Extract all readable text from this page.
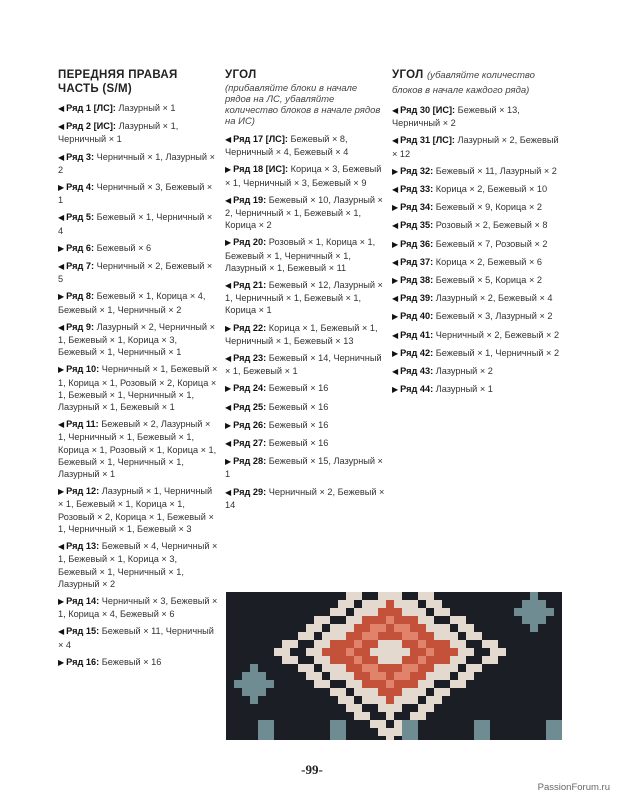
ПЕРЕДНЯЯ ПРАВАЯ ЧАСТЬ (S/M)
◀ Ряд 1 [ЛС]: Лазурный × 1
◀ Ряд 2 [ИС]: Лазурный × 1, Черничный × 1
◀ Ряд 3: Черничный × 1, Лазурный × 2
▶ Ряд 4: Черничный × 3, Бежевый × 1
◀ Ряд 5: Бежевый × 1, Черничный × 4
▶ Ряд 6: Бежевый × 6
◀ Ряд 7: Черничный × 2, Бежевый × 5
▶ Ряд 8: Бежевый × 1, Корица × 4, Бежевый × 1, Черничный × 2
◀ Ряд 9: Лазурный × 2, Черничный × 1, Бежевый × 1, Корица × 3, Бежевый × 1, Черничный × 1
▶ Ряд 10: Черничный × 1, Бежевый × 1, Корица × 1, Розовый × 2, Корица × 1, Бежевый × 1, Черничный × 1, Лазурный × 1, Бежевый × 1
◀ Ряд 11: Бежевый × 2, Лазурный × 1, Черничный × 1, Бежевый × 1, Корица × 1, Розовый × 1, Корица × 1, Бежевый × 1, Черничный × 1, Лазурный × 1
▶ Ряд 12: Лазурный × 1, Черничный × 1, Бежевый × 1, Корица × 1, Розовый × 2, Корица × 1, Бежевый × 1, Черничный × 1, Бежевый × 3
◀ Ряд 13: Бежевый × 4, Черничный × 1, Бежевый × 1, Корица × 3, Бежевый × 1, Черничный × 1, Лазурный × 2
▶ Ряд 14: Черничный × 3, Бежевый × 1, Корица × 4, Бежевый × 6
◀ Ряд 15: Бежевый × 11, Черничный × 4
▶ Ряд 16: Бежевый × 16
УГОЛ
(прибавляйте блоки в начале рядов на ЛС, убавляйте количество блоков в начале рядов на ИС)
◀ Ряд 17 [ЛС]: Бежевый × 8, Черничный × 4, Бежевый × 4
▶ Ряд 18 [ИС]: Корица × 3, Бежевый × 1, Черничный × 3, Бежевый × 9
◀ Ряд 19: Бежевый × 10, Лазурный × 2, Черничный × 1, Бежевый × 1, Корица × 2
▶ Ряд 20: Розовый × 1, Корица × 1, Бежевый × 1, Черничный × 1, Лазурный × 1, Бежевый × 11
◀ Ряд 21: Бежевый × 12, Лазурный × 1, Черничный × 1, Бежевый × 1, Корица × 1
▶ Ряд 22: Корица × 1, Бежевый × 1, Черничный × 1, Бежевый × 13
◀ Ряд 23: Бежевый × 14, Черничный × 1, Бежевый × 1
▶ Ряд 24: Бежевый × 16
◀ Ряд 25: Бежевый × 16
▶ Ряд 26: Бежевый × 16
◀ Ряд 27: Бежевый × 16
▶ Ряд 28: Бежевый × 15, Лазурный × 1
◀ Ряд 29: Черничный × 2, Бежевый × 14
УГОЛ (убавляйте количество блоков в начале каждого ряда)
◀ Ряд 30 [ИС]: Бежевый × 13, Черничный × 2
◀ Ряд 31 [ЛС]: Лазурный × 2, Бежевый × 12
▶ Ряд 32: Бежевый × 11, Лазурный × 2
◀ Ряд 33: Корица × 2, Бежевый × 10
▶ Ряд 34: Бежевый × 9, Корица × 2
◀ Ряд 35: Розовый × 2, Бежевый × 8
▶ Ряд 36: Бежевый × 7, Розовый × 2
◀ Ряд 37: Корица × 2, Бежевый × 6
▶ Ряд 38: Бежевый × 5, Корица × 2
◀ Ряд 39: Лазурный × 2, Бежевый × 4
▶ Ряд 40: Бежевый × 3, Лазурный × 2
◀ Ряд 41: Черничный × 2, Бежевый × 2
▶ Ряд 42: Бежевый × 1, Черничный × 2
◀ Ряд 43: Лазурный × 2
▶ Ряд 44: Лазурный × 1
-99-
PassionForum.ru
